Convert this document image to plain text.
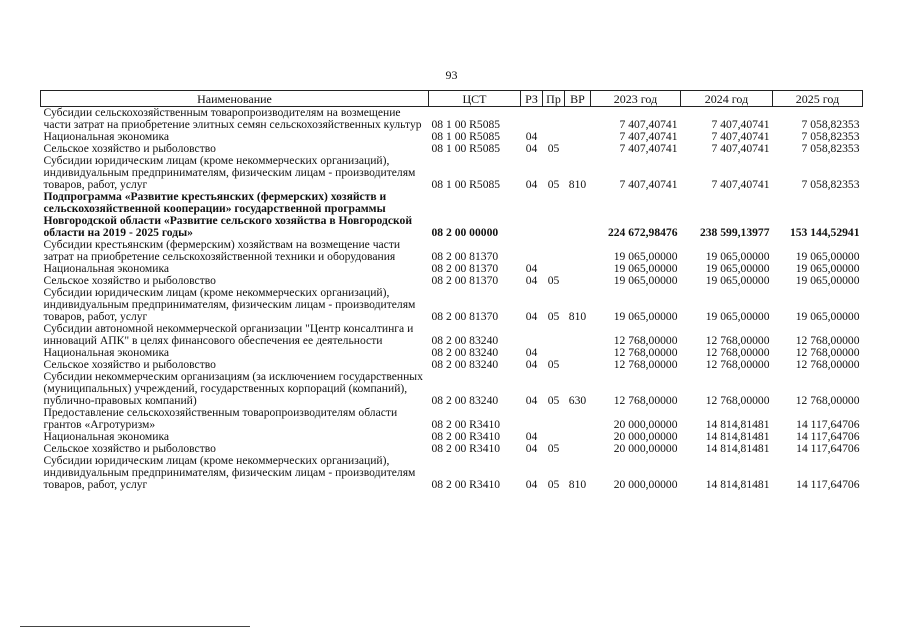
93
Наименование	ЦСТ	РЗ	Пр	ВР	2023 год	2024 год	2025 год
Субсидии сельскохозяйственным товаропроизводителям на возмещение части затрат на приобретение элитных семян сельскохозяйственных культур	08 1 00 R5085				7 407,40741	7 407,40741	7 058,82353
Национальная экономика	08 1 00 R5085	04			7 407,40741	7 407,40741	7 058,82353
Сельское хозяйство и рыболовство	08 1 00 R5085	04	05		7 407,40741	7 407,40741	7 058,82353
Субсидии юридическим лицам (кроме некоммерческих организаций), индивидуальным предпринимателям, физическим лицам - производителям товаров, работ, услуг	08 1 00 R5085	04	05	810	7 407,40741	7 407,40741	7 058,82353
Подпрограмма «Развитие крестьянских (фермерских) хозяйств и сельскохозяйственной кооперации» государственной программы Новгородской области «Развитие сельского хозяйства в Новгородской области на 2019 - 2025 годы»	08 2 00 00000				224 672,98476	238 599,13977	153 144,52941
Субсидии крестьянским (фермерским) хозяйствам на возмещение части затрат на приобретение сельскохозяйственной техники и оборудования	08 2 00 81370				19 065,00000	19 065,00000	19 065,00000
Национальная экономика	08 2 00 81370	04			19 065,00000	19 065,00000	19 065,00000
Сельское хозяйство и рыболовство	08 2 00 81370	04	05		19 065,00000	19 065,00000	19 065,00000
Субсидии юридическим лицам (кроме некоммерческих организаций), индивидуальным предпринимателям, физическим лицам - производителям товаров, работ, услуг	08 2 00 81370	04	05	810	19 065,00000	19 065,00000	19 065,00000
Субсидии автономной некоммерческой организации "Центр консалтинга и инноваций АПК" в целях финансового обеспечения ее деятельности	08 2 00 83240				12 768,00000	12 768,00000	12 768,00000
Национальная экономика	08 2 00 83240	04			12 768,00000	12 768,00000	12 768,00000
Сельское хозяйство и рыболовство	08 2 00 83240	04	05		12 768,00000	12 768,00000	12 768,00000
Субсидии некоммерческим организациям (за исключением государственных (муниципальных) учреждений, государственных корпораций (компаний), публично-правовых компаний)	08 2 00 83240	04	05	630	12 768,00000	12 768,00000	12 768,00000
Предоставление сельскохозяйственным товаропроизводителям области грантов «Агротуризм»	08 2 00 R3410				20 000,00000	14 814,81481	14 117,64706
Национальная экономика	08 2 00 R3410	04			20 000,00000	14 814,81481	14 117,64706
Сельское хозяйство и рыболовство	08 2 00 R3410	04	05		20 000,00000	14 814,81481	14 117,64706
Субсидии юридическим лицам (кроме некоммерческих организаций), индивидуальным предпринимателям, физическим лицам - производителям товаров, работ, услуг	08 2 00 R3410	04	05	810	20 000,00000	14 814,81481	14 117,64706
